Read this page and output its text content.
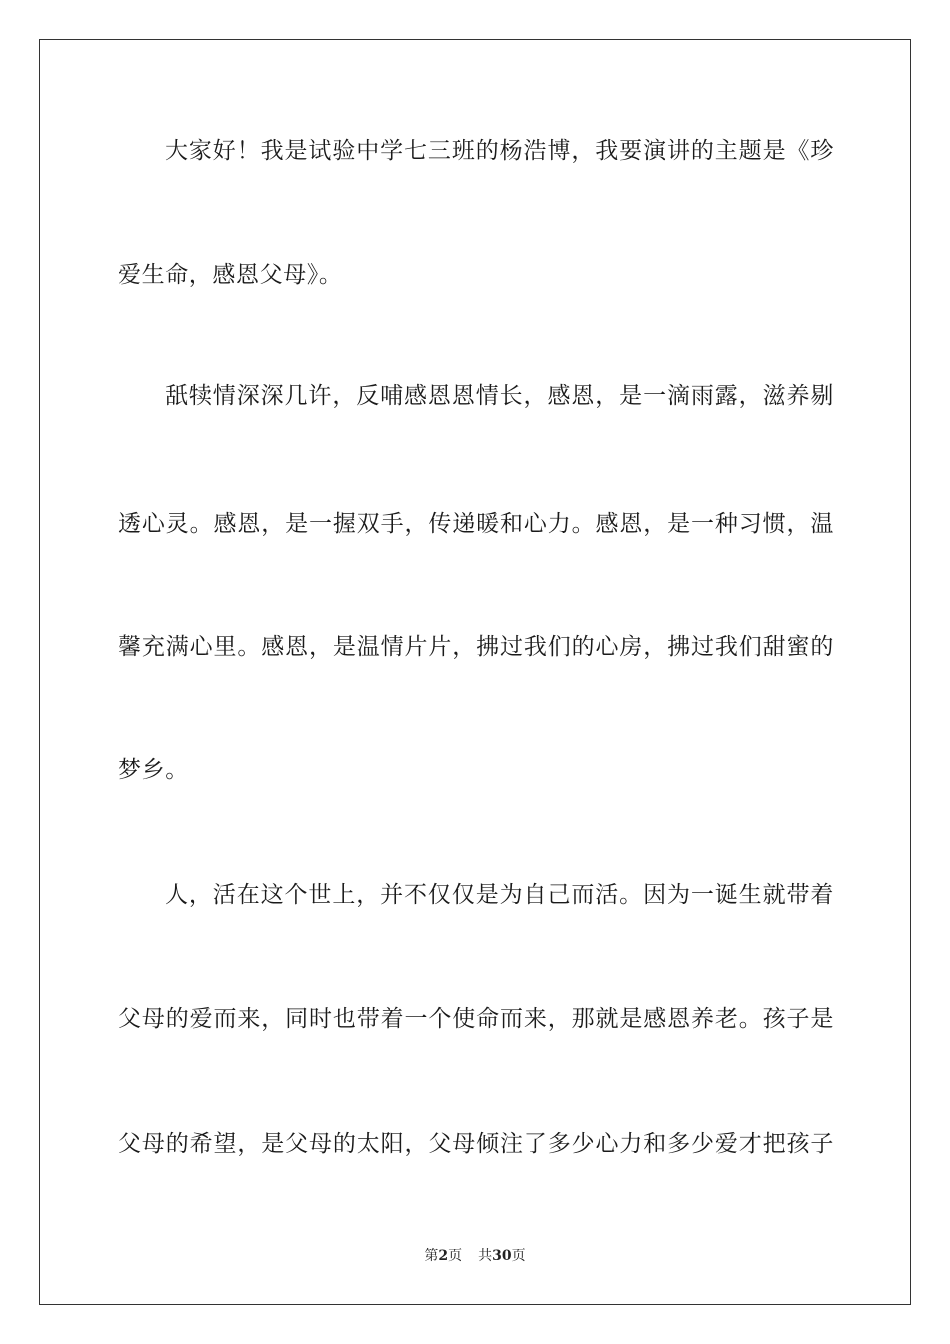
大家好！我是试验中学七三班的杨浩博，我要演讲的主题是《珍
爱生命，感恩父母》。
舐犊情深深几许，反哺感恩恩情长，感恩，是一滴雨露，滋养剔
透心灵。感恩，是一握双手，传递暖和心力。感恩，是一种习惯，温
馨充满心里。感恩，是温情片片，拂过我们的心房，拂过我们甜蜜的
梦乡。
人，活在这个世上，并不仅仅是为自己而活。因为一诞生就带着
父母的爱而来，同时也带着一个使命而来，那就是感恩养老。孩子是
父母的希望，是父母的太阳，父母倾注了多少心力和多少爱才把孩子
第2页 共30页
